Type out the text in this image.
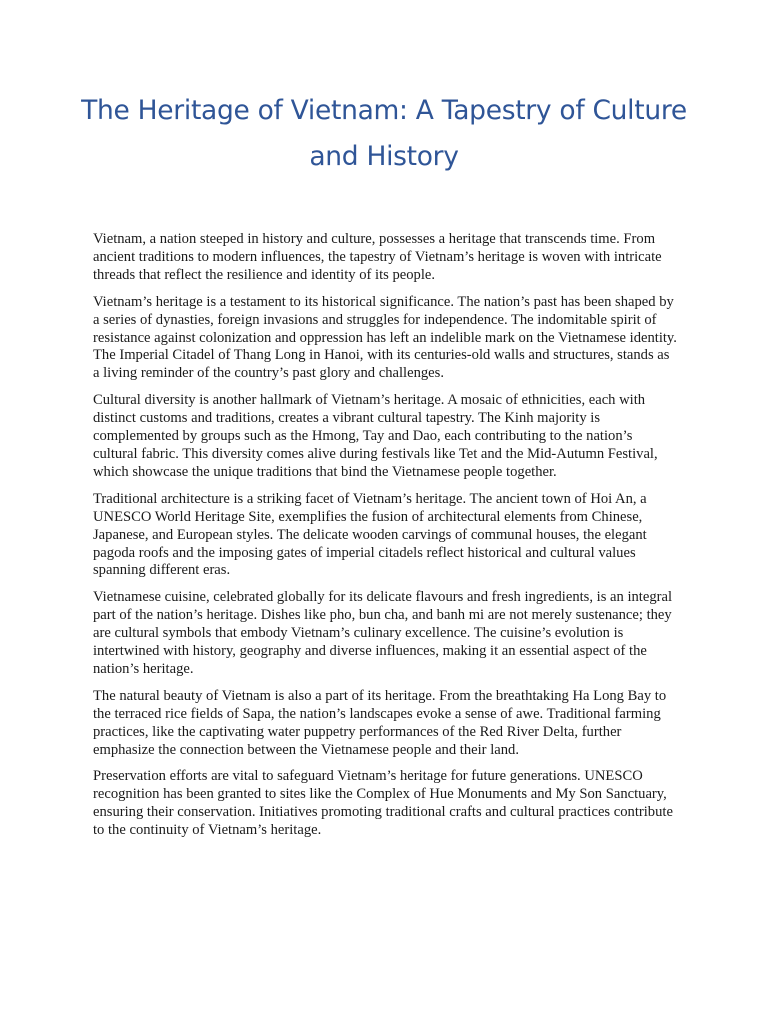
The Heritage of Vietnam: A Tapestry of Culture and History

Vietnam, a nation steeped in history and culture, possesses a heritage that transcends time. From ancient traditions to modern influences, the tapestry of Vietnam’s heritage is woven with intricate threads that reflect the resilience and identity of its people.

Vietnam’s heritage is a testament to its historical significance. The nation’s past has been shaped by a series of dynasties, foreign invasions and struggles for independence. The indomitable spirit of resistance against colonization and oppression has left an indelible mark on the Vietnamese identity. The Imperial Citadel of Thang Long in Hanoi, with its centuries-old walls and structures, stands as a living reminder of the country’s past glory and challenges.

Cultural diversity is another hallmark of Vietnam’s heritage. A mosaic of ethnicities, each with distinct customs and traditions, creates a vibrant cultural tapestry. The Kinh majority is complemented by groups such as the Hmong, Tay and Dao, each contributing to the nation’s cultural fabric. This diversity comes alive during festivals like Tet and the Mid-Autumn Festival, which showcase the unique traditions that bind the Vietnamese people together.

Traditional architecture is a striking facet of Vietnam’s heritage. The ancient town of Hoi An, a UNESCO World Heritage Site, exemplifies the fusion of architectural elements from Chinese, Japanese, and European styles. The delicate wooden carvings of communal houses, the elegant pagoda roofs and the imposing gates of imperial citadels reflect historical and cultural values spanning different eras.

Vietnamese cuisine, celebrated globally for its delicate flavours and fresh ingredients, is an integral part of the nation’s heritage. Dishes like pho, bun cha, and banh mi are not merely sustenance; they are cultural symbols that embody Vietnam’s culinary excellence. The cuisine’s evolution is intertwined with history, geography and diverse influences, making it an essential aspect of the nation’s heritage.

The natural beauty of Vietnam is also a part of its heritage. From the breathtaking Ha Long Bay to the terraced rice fields of Sapa, the nation’s landscapes evoke a sense of awe. Traditional farming practices, like the captivating water puppetry performances of the Red River Delta, further emphasize the connection between the Vietnamese people and their land.

Preservation efforts are vital to safeguard Vietnam’s heritage for future generations. UNESCO recognition has been granted to sites like the Complex of Hue Monuments and My Son Sanctuary, ensuring their conservation. Initiatives promoting traditional crafts and cultural practices contribute to the continuity of Vietnam’s heritage.
